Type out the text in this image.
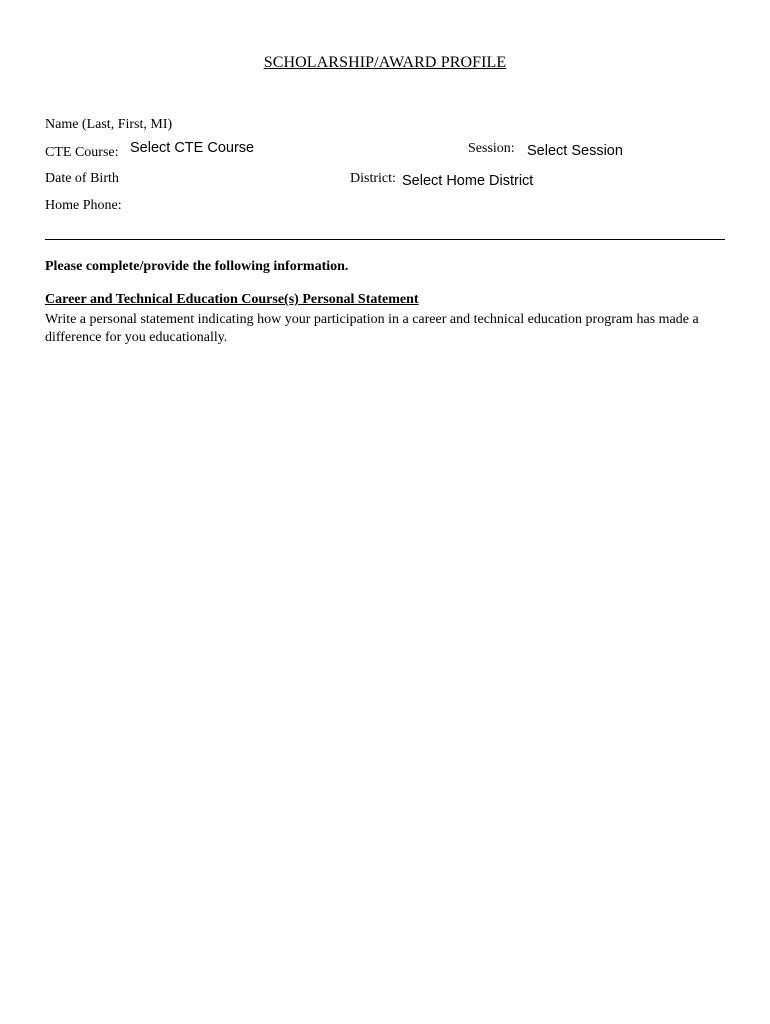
SCHOLARSHIP/AWARD PROFILE
Name (Last, First, MI)
CTE Course: Select CTE Course	Session: Select Session
Date of Birth	District: Select Home District
Home Phone:
Please complete/provide the following information.
Career and Technical Education Course(s) Personal Statement
Write a personal statement indicating how your participation in a career and technical education program has made a difference for you educationally.
